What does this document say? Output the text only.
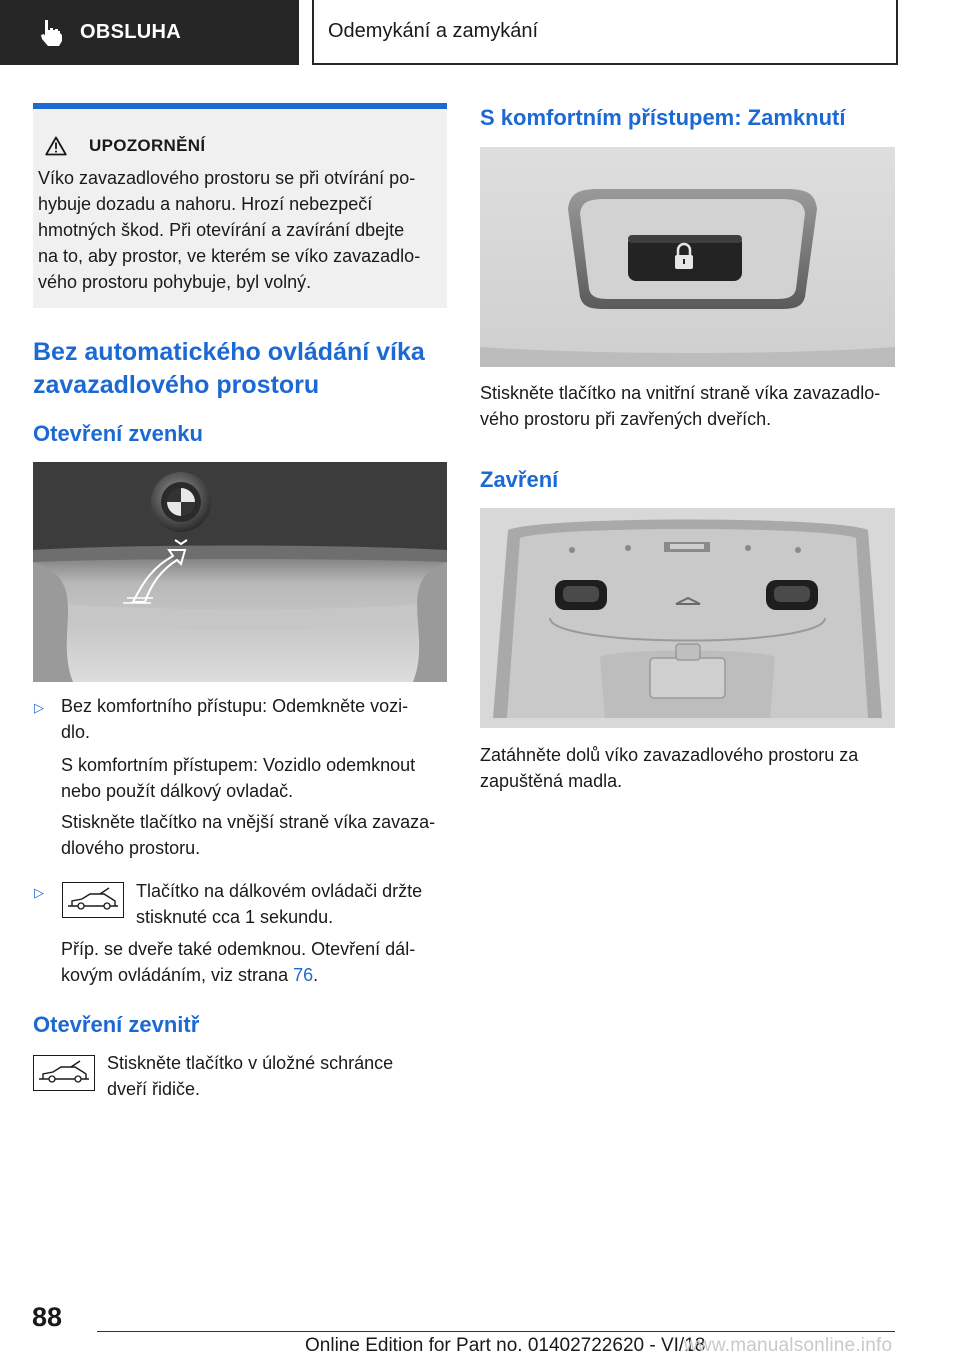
OBSLUHA	Odemykání a zamykání
UPOZORNĚNÍ
Víko zavazadlového prostoru se při otvírání po-
hybuje dozadu a nahoru. Hrozí nebezpečí
hmotných škod. Při otevírání a zavírání dbejte
na to, aby prostor, ve kterém se víko zavazadlo-
vého prostoru pohybuje, byl volný.
Bez automatického ovládání víka
zavazadlového prostoru
Otevření zvenku
▷ Bez komfortního přístupu: Odemkněte vozi-
dlo.
S komfortním přístupem: Vozidlo odemknout
nebo použít dálkový ovladač.
Stiskněte tlačítko na vnější straně víka zavaza-
dlového prostoru.
▷	Tlačítko na dálkovém ovládači držte
stisknuté cca 1 sekundu.
Příp. se dveře také odemknou. Otevření dál-
kovým ovládáním, viz strana 76.
Otevření zevnitř
Stiskněte tlačítko v úložné schránce
dveří řidiče.
S komfortním přístupem: Zamknutí
Stiskněte tlačítko na vnitřní straně víka zavazadlo-
vého prostoru při zavřených dveřích.
Zavření
Zatáhněte dolů víko zavazadlového prostoru za
zapuštěná madla.
88
Online Edition for Part no. 01402722620 - VI/18
www.manualsonline.info
